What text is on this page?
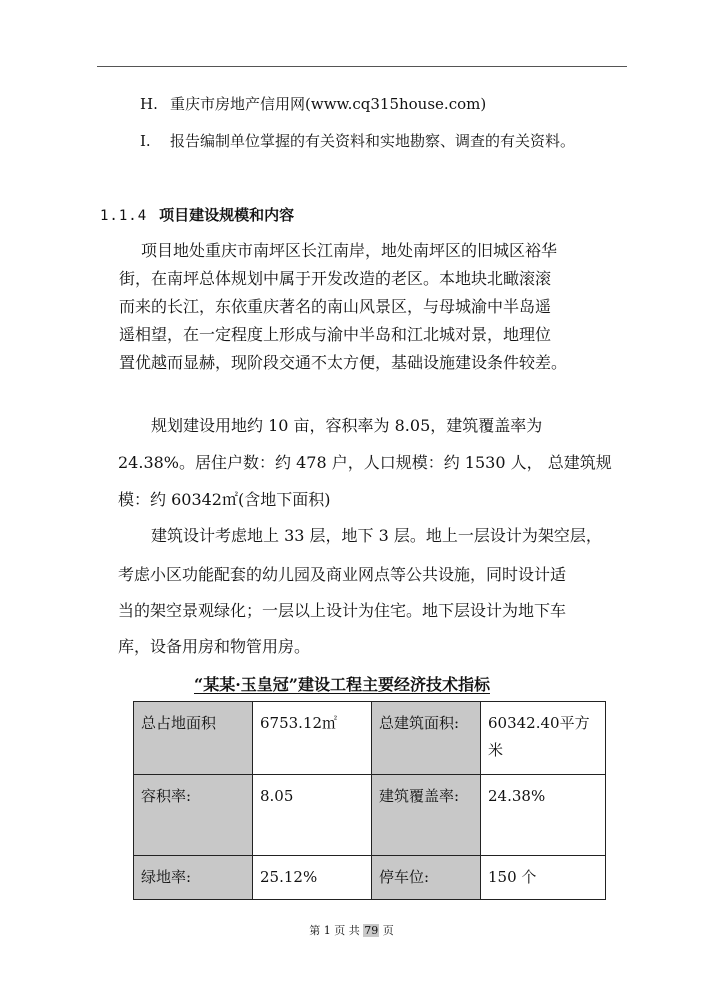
H. 重庆市房地产信用网(www.cq315house.com)
I. 报告编制单位掌握的有关资料和实地勘察、调查的有关资料。
1.1.4 项目建设规模和内容
项目地处重庆市南坪区长江南岸，地处南坪区的旧城区裕华
街，在南坪总体规划中属于开发改造的老区。本地块北瞰滚滚
而来的长江，东依重庆著名的南山风景区，与母城渝中半岛遥
遥相望，在一定程度上形成与渝中半岛和江北城对景，地理位
置优越而显赫，现阶段交通不太方便，基础设施建设条件较差。
规划建设用地约 10 亩，容积率为 8.05，建筑覆盖率为
24.38%。居住户数：约 478 户，人口规模：约 1530 人， 总建筑规
模：约 60342㎡(含地下面积)
建筑设计考虑地上 33 层，地下 3 层。地上一层设计为架空层，
考虑小区功能配套的幼儿园及商业网点等公共设施，同时设计适
当的架空景观绿化；一层以上设计为住宅。地下层设计为地下车
库，设备用房和物管用房。
“某某·玉皇冠”建设工程主要经济技术指标
总占地面积	6753.12㎡	总建筑面积:	60342.40平方米
容积率:	8.05	建筑覆盖率:	24.38%
绿地率:	25.12%	停车位:	150 个
第 1 页 共 79 页
